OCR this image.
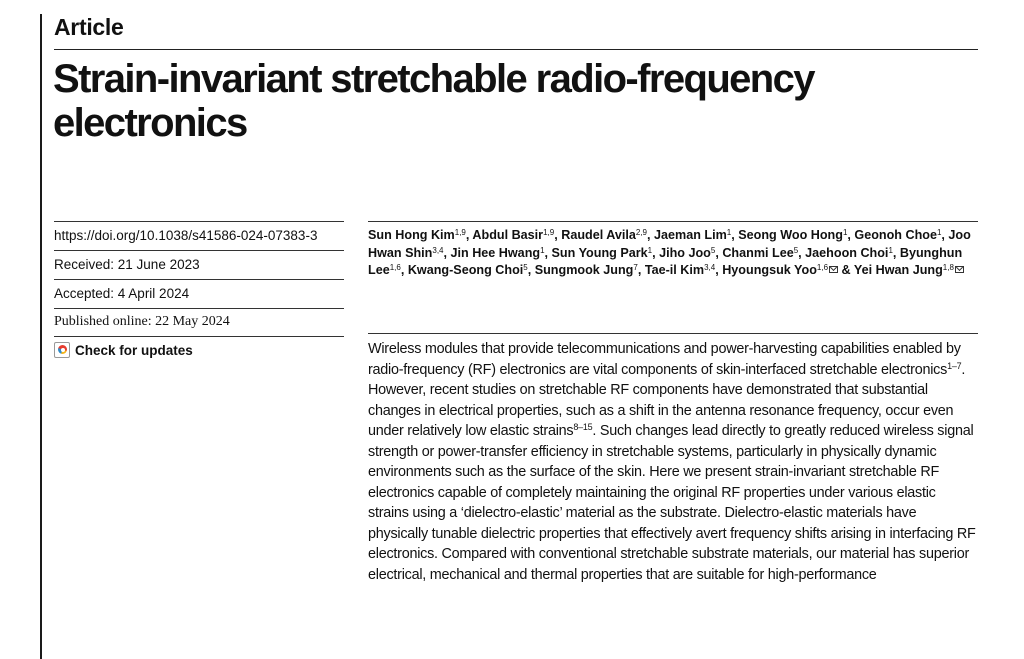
Article
Strain-invariant stretchable radio-frequency electronics
https://doi.org/10.1038/s41586-024-07383-3
Received: 21 June 2023
Accepted: 4 April 2024
Published online: 22 May 2024
Check for updates

Sun Hong Kim$^{1,9}$, Abdul Basir$^{1,9}$, Raudel Avila$^{2,9}$, Jaeman Lim$^1$, Seong Woo Hong$^1$, Geonoh Choe$^1$, Joo Hwan Shin$^{3,4}$, Jin Hee Hwang$^1$, Sun Young Park$^1$, Jiho Joo$^5$, Chanmi Lee$^5$, Jaehoon Choi$^1$, Byunghun Lee$^{1,6}$, Kwang-Seong Choi$^5$, Sungmook Jung$^7$, Tae-il Kim$^{3,4}$, Hyoungsuk Yoo$^{1,6}$ & Yei Hwan Jung$^{1,8}$

Wireless modules that provide telecommunications and power-harvesting capabilities enabled by radio-frequency (RF) electronics are vital components of skin-interfaced stretchable electronics$^{1-7}$. However, recent studies on stretchable RF components have demonstrated that substantial changes in electrical properties, such as a shift in the antenna resonance frequency, occur even under relatively low elastic strains$^{8-15}$. Such changes lead directly to greatly reduced wireless signal strength or power-transfer efficiency in stretchable systems, particularly in physically dynamic environments such as the surface of the skin. Here we present strain-invariant stretchable RF electronics capable of completely maintaining the original RF properties under various elastic strains using a ‘dielectro-elastic’ material as the substrate. Dielectro-elastic materials have physically tunable dielectric properties that effectively avert frequency shifts arising in interfacing RF electronics. Compared with conventional stretchable substrate materials, our material has superior electrical, mechanical and thermal properties that are suitable for high-performance
